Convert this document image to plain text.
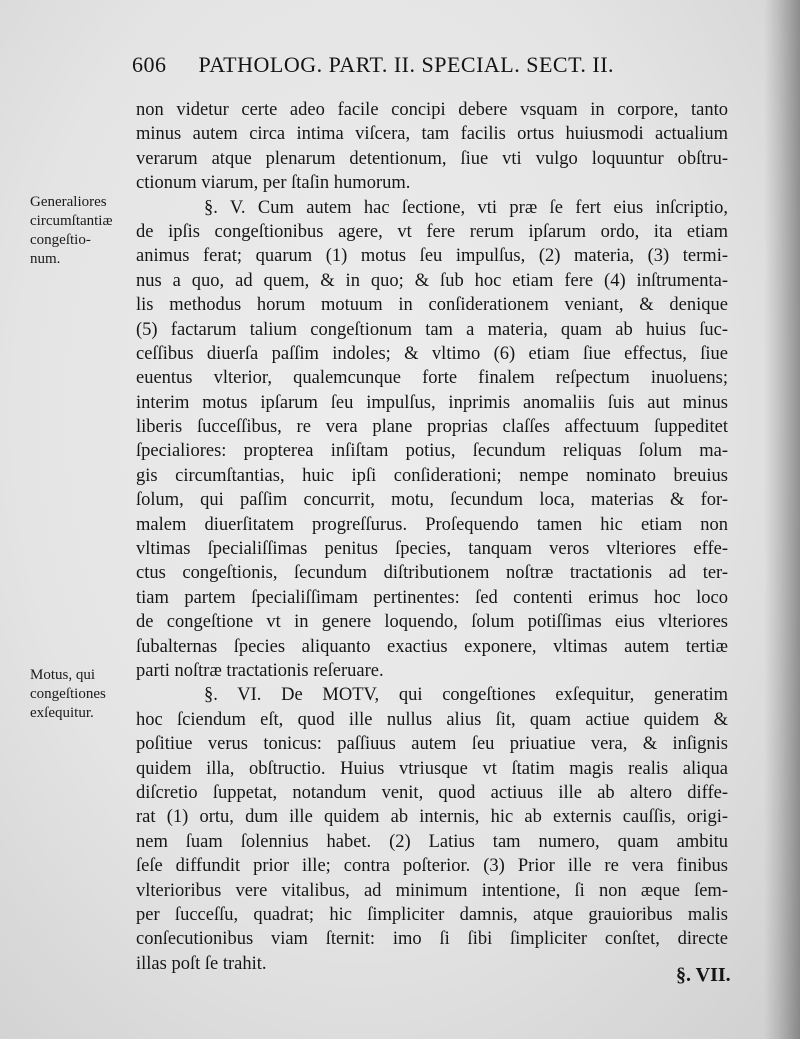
606 PATHOLOG. PART. II. SPECIAL. SECT. II.
Generaliores
circumſtantiæ
congeſtio-
num.
Motus, qui
congeſtiones
exſequitur.
non videtur certe adeo facile concipi debere vsquam in corpore, tanto
minus autem circa intima viſcera, tam facilis ortus huiusmodi actualium
verarum atque plenarum detentionum, ſiue vti vulgo loquuntur obſtru-
ctionum viarum, per ſtaſin humorum.
§. V. Cum autem hac ſectione, vti præ ſe fert eius inſcriptio,
de ipſis congeſtionibus agere, vt fere rerum ipſarum ordo, ita etiam
animus ferat; quarum (1) motus ſeu impulſus, (2) materia, (3) termi-
nus a quo, ad quem, & in quo; & ſub hoc etiam fere (4) inſtrumenta-
lis methodus horum motuum in conſiderationem veniant, & denique
(5) factarum talium congeſtionum tam a materia, quam ab huius ſuc-
ceſſibus diuerſa paſſim indoles; & vltimo (6) etiam ſiue effectus, ſiue
euentus vlterior, qualemcunque forte finalem reſpectum inuoluens;
interim motus ipſarum ſeu impulſus, inprimis anomaliis ſuis aut minus
liberis ſucceſſibus, re vera plane proprias claſſes affectuum ſuppeditet
ſpecialiores: propterea inſiſtam potius, ſecundum reliquas ſolum ma-
gis circumſtantias, huic ipſi conſiderationi; nempe nominato breuius
ſolum, qui paſſim concurrit, motu, ſecundum loca, materias & for-
malem diuerſitatem progreſſurus. Proſequendo tamen hic etiam non
vltimas ſpecialiſſimas penitus ſpecies, tanquam veros vlteriores effe-
ctus congeſtionis, ſecundum diſtributionem noſtræ tractationis ad ter-
tiam partem ſpecialiſſimam pertinentes: ſed contenti erimus hoc loco
de congeſtione vt in genere loquendo, ſolum potiſſimas eius vlteriores
ſubalternas ſpecies aliquanto exactius exponere, vltimas autem tertiæ
parti noſtræ tractationis reſeruare.
§. VI. De MOTV, qui congeſtiones exſequitur, generatim
hoc ſciendum eſt, quod ille nullus alius ſit, quam actiue quidem &
poſitiue verus tonicus: paſſiuus autem ſeu priuatiue vera, & inſignis
quidem illa, obſtructio. Huius vtriusque vt ſtatim magis realis aliqua
diſcretio ſuppetat, notandum venit, quod actiuus ille ab altero diffe-
rat (1) ortu, dum ille quidem ab internis, hic ab externis cauſſis, origi-
nem ſuam ſolennius habet. (2) Latius tam numero, quam ambitu
ſeſe diffundit prior ille; contra poſterior. (3) Prior ille re vera finibus
vlterioribus vere vitalibus, ad minimum intentione, ſi non æque ſem-
per ſucceſſu, quadrat; hic ſimpliciter damnis, atque grauioribus malis
conſecutionibus viam ſternit: imo ſi ſibi ſimpliciter conſtet, directe
illas poſt ſe trahit.
§. VII.
